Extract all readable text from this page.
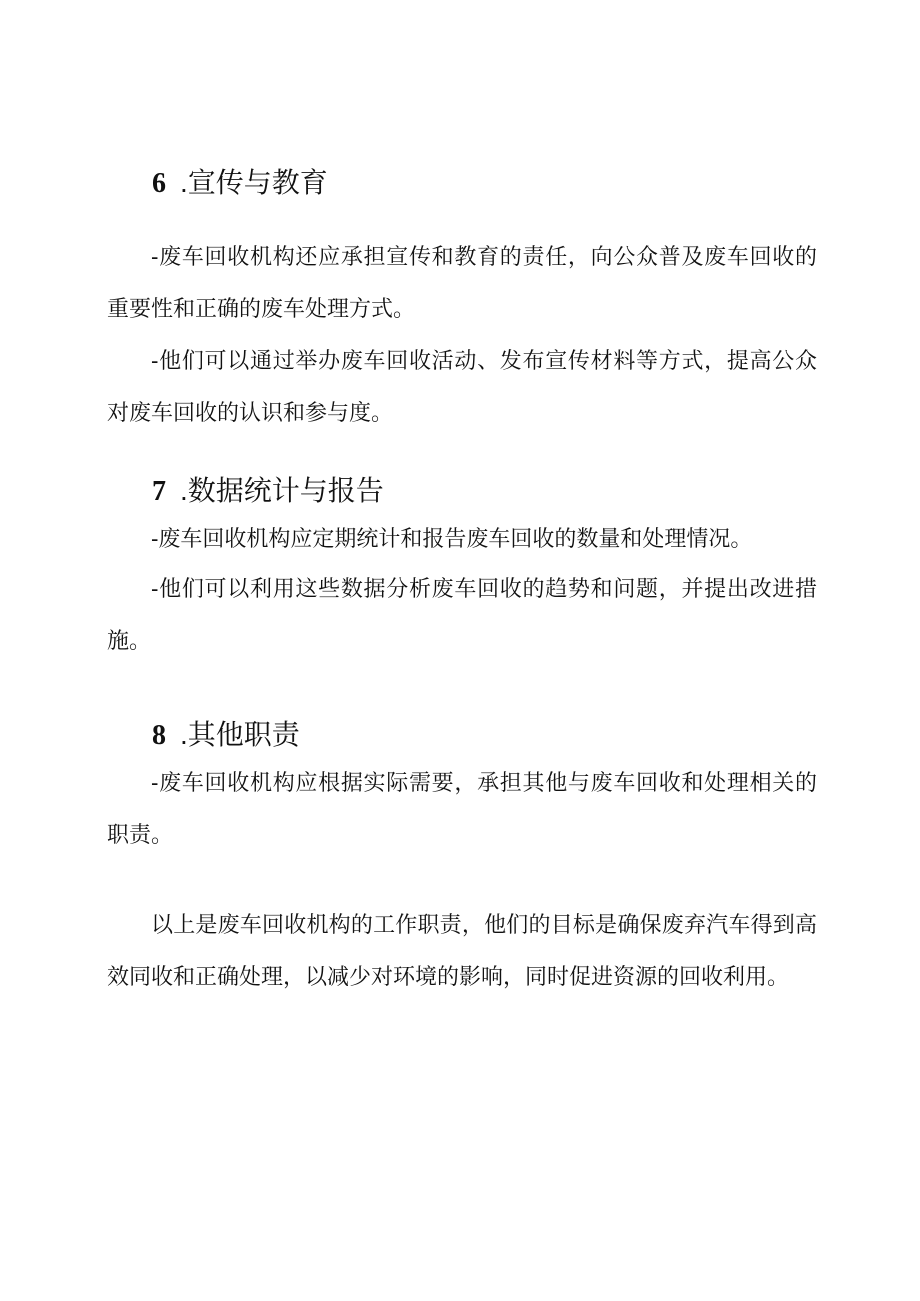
6 .宣传与教育

-废车回收机构还应承担宣传和教育的责任，向公众普及废车回收的重要性和正确的废车处理方式。

-他们可以通过举办废车回收活动、发布宣传材料等方式，提高公众对废车回收的认识和参与度。

7 .数据统计与报告

-废车回收机构应定期统计和报告废车回收的数量和处理情况。

-他们可以利用这些数据分析废车回收的趋势和问题，并提出改进措施。

8 .其他职责

-废车回收机构应根据实际需要，承担其他与废车回收和处理相关的职责。

以上是废车回收机构的工作职责，他们的目标是确保废弃汽车得到高效同收和正确处理，以减少对环境的影响，同时促进资源的回收利用。
